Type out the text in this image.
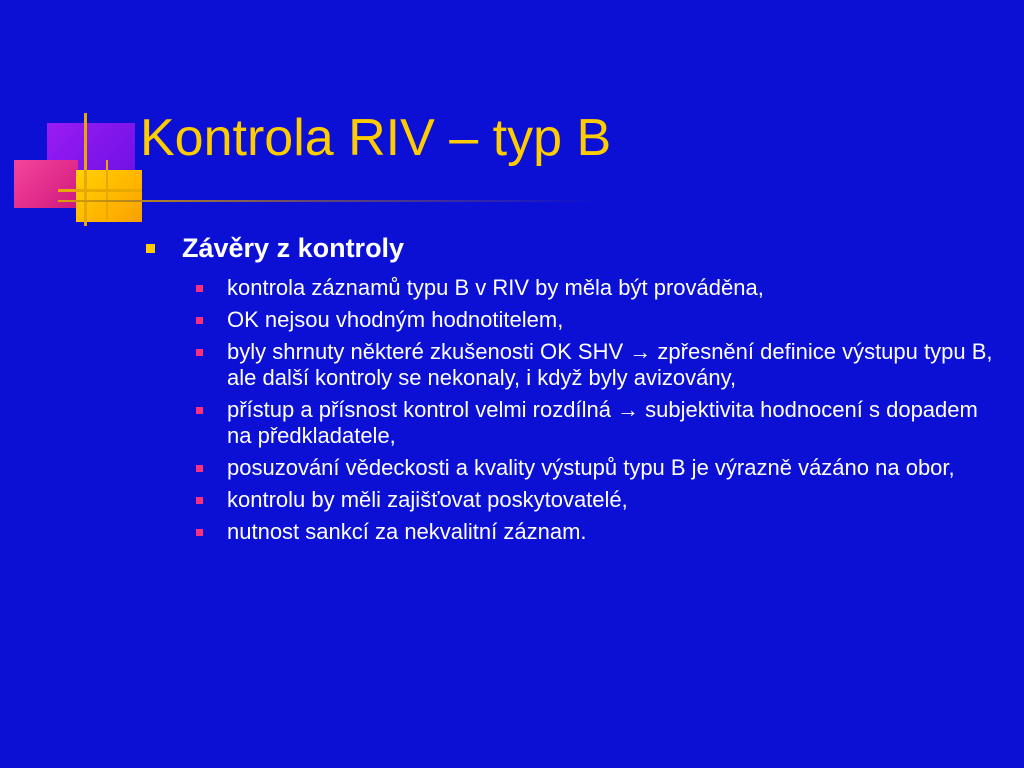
Kontrola RIV – typ B
Závěry z kontroly
kontrola záznamů typu B v RIV by měla být prováděna,
OK nejsou vhodným hodnotitelem,
byly shrnuty některé zkušenosti OK SHV → zpřesnění definice výstupu typu B, ale další kontroly se nekonaly, i když byly avizovány,
přístup a přísnost kontrol velmi rozdílná → subjektivita hodnocení s dopadem na předkladatele,
posuzování vědeckosti a kvality výstupů typu B je výrazně vázáno na obor,
kontrolu by měli zajišťovat poskytovatelé,
nutnost sankcí za nekvalitní záznam.
